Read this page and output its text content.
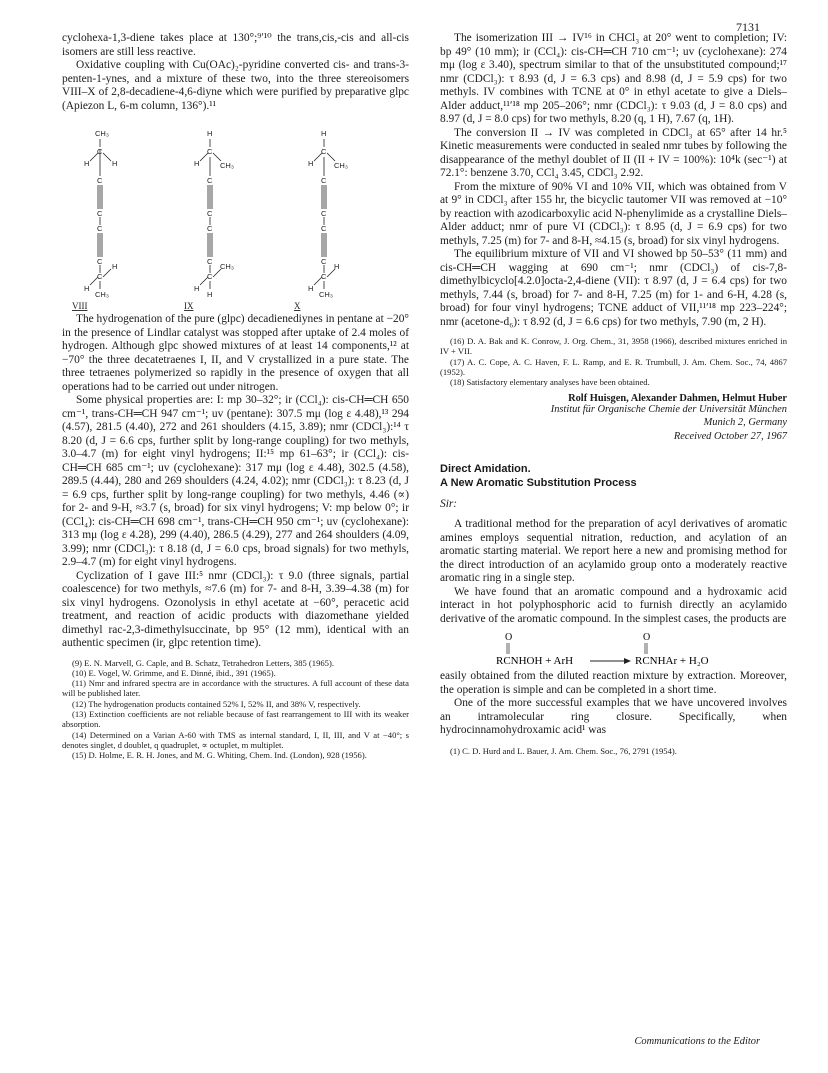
7131

cyclohexa-1,3-diene takes place at 130°;⁹ʹ¹⁰ the trans,cis,-cis and all-cis isomers are still less reactive.

Oxidative coupling with Cu(OAc)₂-pyridine converted cis- and trans-3-penten-1-ynes, and a mixture of these two, into the three stereoisomers VIII–X of 2,8-decadiene-4,6-diyne which were purified by preparative glpc (Apiezon L, 6-m column, 136°).¹¹

CH₃
C
H	H
C
C
C
C
C
H
H
CH₃
H
C
H	CH₃
C
C
C
C
C
H
CH₃
H
H
C
H	CH₃
C
C
C
C
C
H
H
CH₃
VIII	IX	X

The hydrogenation of the pure (glpc) decadienediynes in pentane at −20° in the presence of Lindlar catalyst was stopped after uptake of 2.4 moles of hydrogen. Although glpc showed mixtures of at least 14 components,¹² at −70° the three decatetraenes I, II, and V crystallized in a pure state. The three tetraenes polymerized so rapidly in the presence of oxygen that all operations had to be carried out under nitrogen.

Some physical properties are: I: mp 30–32°; ir (CCl₄): cis-CH═CH 650 cm⁻¹, trans-CH═CH 947 cm⁻¹; uv (pentane): 307.5 mμ (log ε 4.48),¹³ 294 (4.57), 281.5 (4.40), 272 and 261 shoulders (4.15, 3.89); nmr (CDCl₃):¹⁴ τ 8.20 (d, J = 6.6 cps, further split by long-range coupling) for two methyls, 3.0–4.7 (m) for eight vinyl hydrogens; II:¹⁵ mp 61–63°; ir (CCl₄): cis-CH═CH 685 cm⁻¹; uv (cyclohexane): 317 mμ (log ε 4.48), 302.5 (4.58), 289.5 (4.44), 280 and 269 shoulders (4.24, 4.02); nmr (CDCl₃): τ 8.23 (d, J = 6.9 cps, further split by long-range coupling) for two methyls, 4.46 (∝) for 2- and 9-H, ≈3.7 (s, broad) for six vinyl hydrogens; V: mp below 0°; ir (CCl₄): cis-CH═CH 698 cm⁻¹, trans-CH═CH 950 cm⁻¹; uv (cyclohexane): 313 mμ (log ε 4.28), 299 (4.40), 286.5 (4.29), 277 and 264 shoulders (4.09, 3.99); nmr (CDCl₃): τ 8.18 (d, J = 6.0 cps, broad signals) for two methyls, 2.9–4.7 (m) for eight vinyl hydrogens.

Cyclization of I gave III:⁵ nmr (CDCl₃): τ 9.0 (three signals, partial coalescence) for two methyls, ≈7.6 (m) for 7- and 8-H, 3.39–4.38 (m) for six vinyl hydrogens. Ozonolysis in ethyl acetate at −60°, peracetic acid treatment, and reaction of acidic products with diazomethane yielded dimethyl rac-2,3-dimethylsuccinate, bp 95° (12 mm), identical with an authentic specimen (ir, glpc retention time).

(9) E. N. Marvell, G. Caple, and B. Schatz, Tetrahedron Letters, 385 (1965).

(10) E. Vogel, W. Grimme, and E. Dinné, ibid., 391 (1965).

(11) Nmr and infrared spectra are in accordance with the structures. A full account of these data will be published later.

(12) The hydrogenation products contained 52% I, 52% II, and 38% V, respectively.

(13) Extinction coefficients are not reliable because of fast rearrangement to III with its weaker absorption.

(14) Determined on a Varian A-60 with TMS as internal standard, I, II, III, and V at −40°; s denotes singlet, d doublet, q quadruplet, ∝ octuplet, m multiplet.

(15) D. Holme, E. R. H. Jones, and M. G. Whiting, Chem. Ind. (London), 928 (1956).

The isomerization III → IV¹⁶ in CHCl₃ at 20° went to completion; IV: bp 49° (10 mm); ir (CCl₄): cis-CH═CH 710 cm⁻¹; uv (cyclohexane): 274 mμ (log ε 3.40), spectrum similar to that of the unsubstituted compound;¹⁷ nmr (CDCl₃): τ 8.93 (d, J = 6.3 cps) and 8.98 (d, J = 5.9 cps) for two methyls. IV combines with TCNE at 0° in ethyl acetate to give a Diels–Alder adduct,¹¹ʹ¹⁸ mp 205–206°; nmr (CDCl₃): τ 9.03 (d, J = 8.0 cps) and 8.97 (d, J = 8.0 cps) for two methyls, 8.20 (q, 1 H), 7.67 (q, 1H).

The conversion II → IV was completed in CDCl₃ at 65° after 14 hr.⁵ Kinetic measurements were conducted in sealed nmr tubes by following the disappearance of the methyl doublet of II (II + IV = 100%): 10⁴k (sec⁻¹) at 72.1°: benzene 3.70, CCl₄ 3.45, CDCl₃ 2.92.

From the mixture of 90% VI and 10% VII, which was obtained from V at 9° in CDCl₃ after 155 hr, the bicyclic tautomer VII was removed at −10° by reaction with azodicarboxylic acid N-phenylimide as a crystalline Diels–Alder adduct; nmr of pure VI (CDCl₃): τ 8.95 (d, J = 6.9 cps) for two methyls, 7.25 (m) for 7- and 8-H, ≈4.15 (s, broad) for six vinyl hydrogens.

The equilibrium mixture of VII and VI showed bp 50–53° (11 mm) and cis-CH═CH wagging at 690 cm⁻¹; nmr (CDCl₃) of cis-7,8-dimethylbicyclo[4.2.0]octa-2,4-diene (VII): τ 8.97 (d, J = 6.4 cps) for two methyls, 7.44 (s, broad) for 7- and 8-H, 7.25 (m) for 1- and 6-H, 4.28 (s, broad) for four vinyl hydrogens; TCNE adduct of VII,¹¹ʹ¹⁸ mp 223–224°; nmr (acetone-d₆): τ 8.92 (d, J = 6.6 cps) for two methyls, 7.90 (m, 2 H).

(16) D. A. Bak and K. Conrow, J. Org. Chem., 31, 3958 (1966), described mixtures enriched in IV + VII.

(17) A. C. Cope, A. C. Haven, F. L. Ramp, and E. R. Trumbull, J. Am. Chem. Soc., 74, 4867 (1952).

(18) Satisfactory elementary analyses have been obtained.

Rolf Huisgen, Alexander Dahmen, Helmut Huber
Institut für Organische Chemie der Universität München
Munich 2, Germany
Received October 27, 1967
Direct Amidation.
A New Aromatic Substitution Process
Sir:

A traditional method for the preparation of acyl derivatives of aromatic amines employs sequential nitration, reduction, and acylation of an aromatic starting material. We report here a new and promising method for the direct introduction of an acylamido group onto a moderately reactive aromatic ring in a single step.

We have found that an aromatic compound and a hydroxamic acid interact in hot polyphosphoric acid to furnish directly an acylamido derivative of the aromatic compound. In the simplest cases, the products are

O	O
RCNHOH + ArH	RCNHAr + H₂O

easily obtained from the diluted reaction mixture by extraction. Moreover, the operation is simple and can be completed in a short time.

One of the more successful examples that we have uncovered involves an intramolecular ring closure. Specifically, when hydrocinnamohydroxamic acid¹ was

(1) C. D. Hurd and L. Bauer, J. Am. Chem. Soc., 76, 2791 (1954).

Communications to the Editor
